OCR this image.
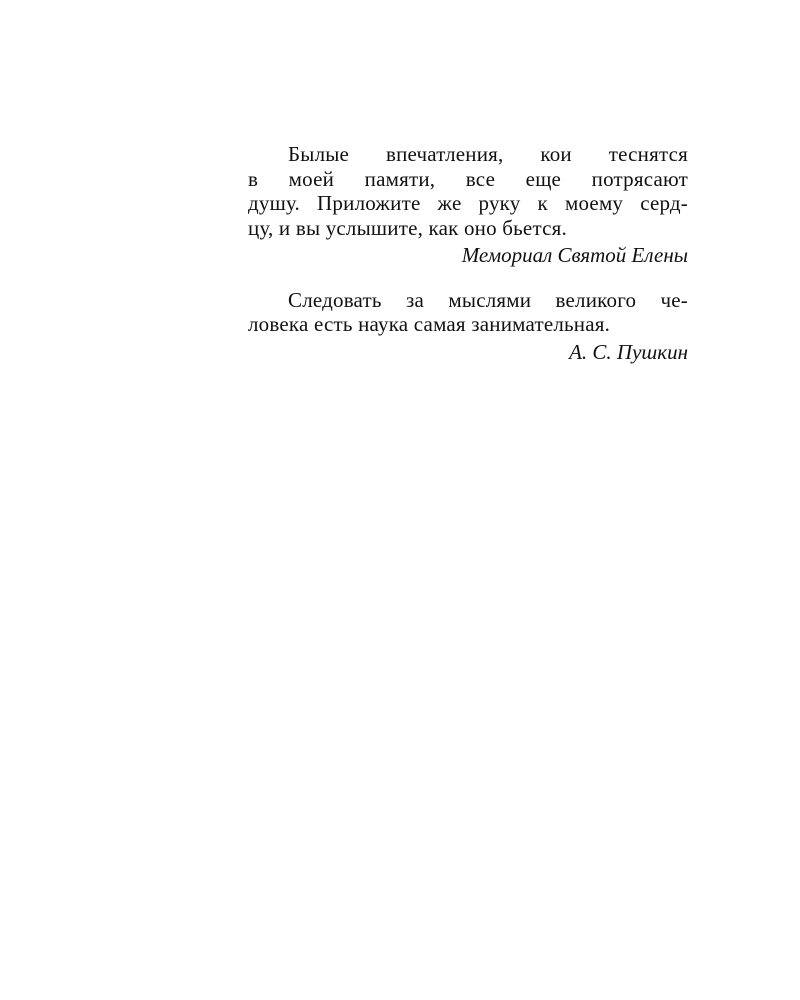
Былые впечатления, кои теснятся
в моей памяти, все еще потрясают
душу. Приложите же руку к моему серд-
цу, и вы услышите, как оно бьется.
Мемориал Святой Елены
Следовать за мыслями великого че-
ловека есть наука самая занимательная.
А. С. Пушкин
